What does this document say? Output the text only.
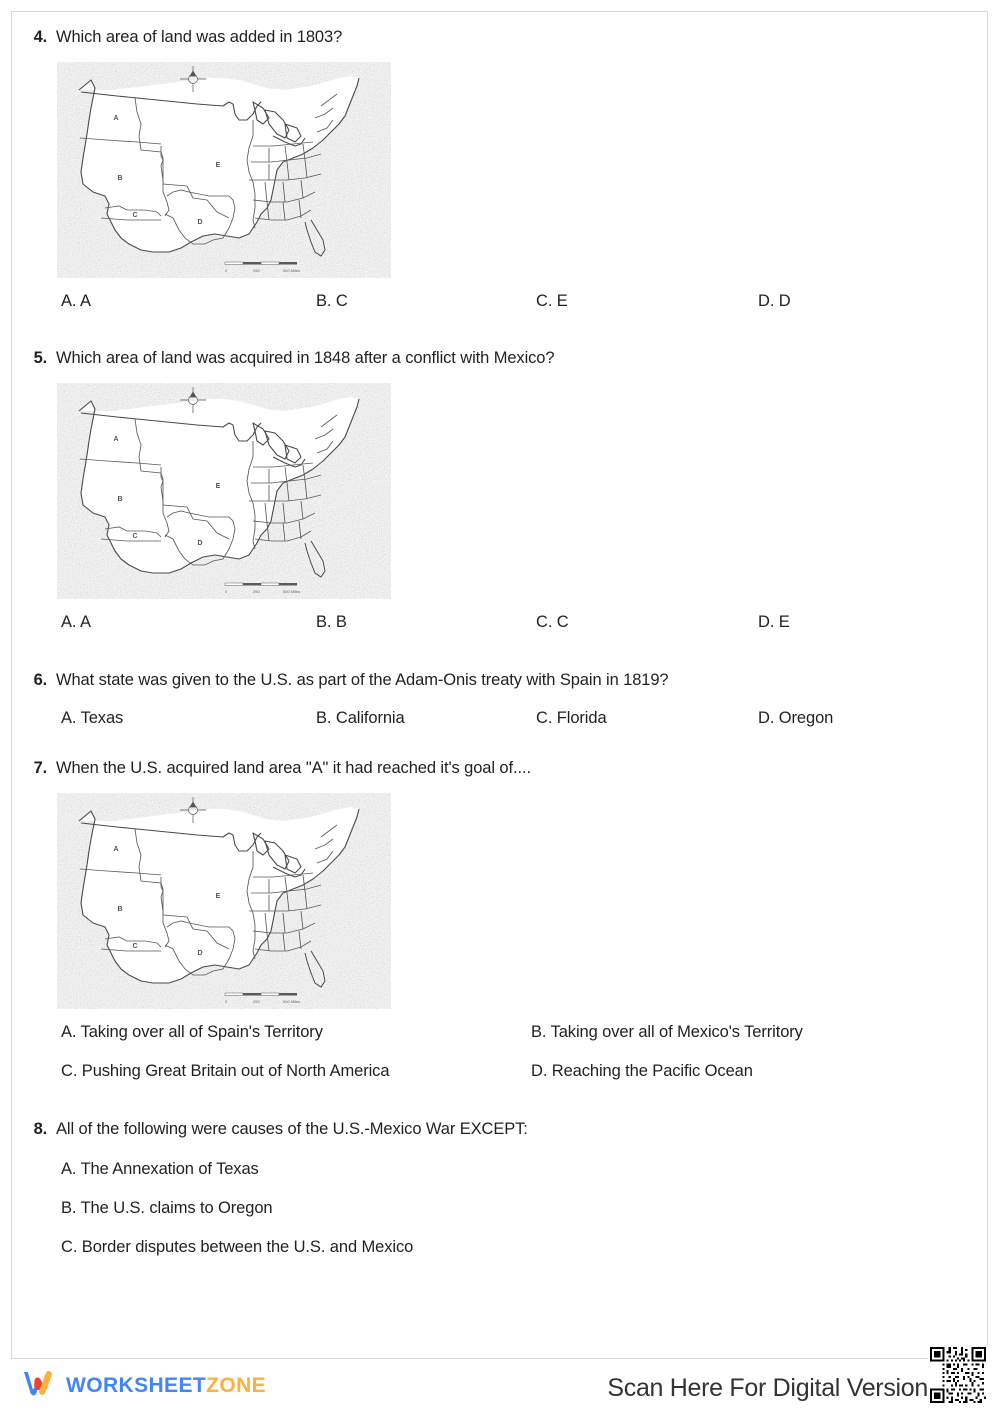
4. Which area of land was added in 1803?
A
B
C
D
E
0	250	500 Miles
A. A	B. C	C. E	D. D
5. Which area of land was acquired in 1848 after a conflict with Mexico?
A
B
C
D
E
0	250	500 Miles
A. A	B. B	C. C	D. E
6. What state was given to the U.S. as part of the Adam-Onis treaty with Spain in 1819?
A. Texas	B. California	C. Florida	D. Oregon
7. When the U.S. acquired land area "A" it had reached it's goal of....
A
B
C
D
E
0	250	500 Miles
A. Taking over all of Spain's Territory	B. Taking over all of Mexico's Territory
C. Pushing Great Britain out of North America	D. Reaching the Pacific Ocean
8. All of the following were causes of the U.S.-Mexico War EXCEPT:
A. The Annexation of Texas
B. The U.S. claims to Oregon
C. Border disputes between the U.S. and Mexico
WORKSHEETZONE	Scan Here For Digital Version
